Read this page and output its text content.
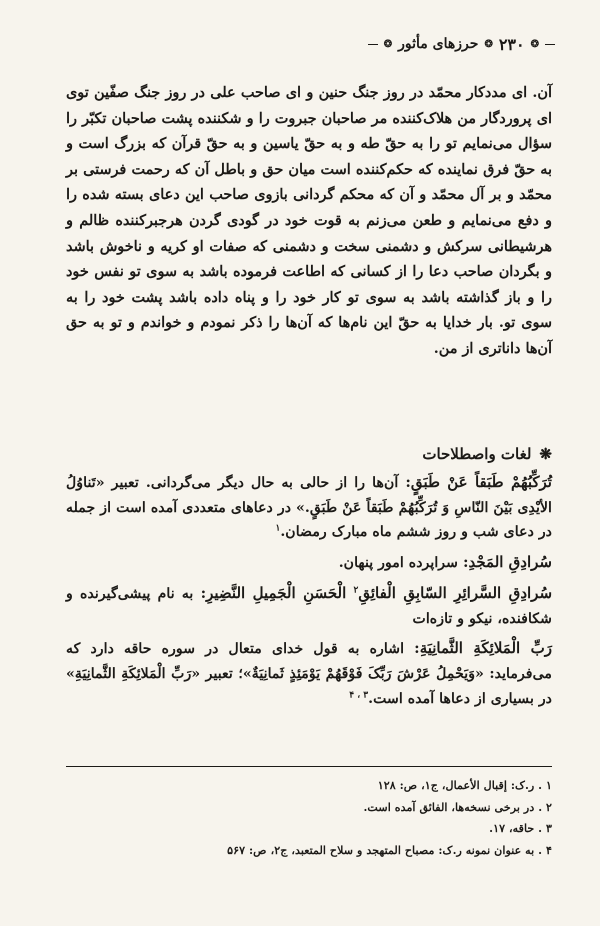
❂
۲۳۰
❂
حرزهای مأثور
❂

آن. ای مددکار محمّد در روز جنگ حنین و ای صاحب علی در روز جنگ صفّین توی ای پروردگار من هلاک‌کننده مر صاحبان جبروت را و شکننده پشت صاحبان تکبّر را سؤال می‌نمایم تو را به حقّ طه و به حقّ یاسین و به حقّ قرآن که بزرگ است و به حقّ فرق نماینده که حکم‌کننده است میان حق و باطل آن که رحمت فرستی بر محمّد و بر آل محمّد و آن که محکم گردانی بازوی صاحب این دعای بسته شده را و دفع می‌نمایم و طعن می‌زنم به قوت خود در گودی گردن هرجبرکننده ظالم و هرشیطانی سرکش و دشمنی سخت و دشمنی که صفات او کریه و ناخوش باشد و بگردان صاحب دعا را از کسانی که اطاعت فرموده باشد به سوی تو نفس خود را و باز گذاشته باشد به سوی تو کار خود را و پناه داده باشد پشت خود را به سوی تو. بار خدایا به حقّ این نام‌ها که آن‌ها را ذکر نمودم و خواندم و تو به حق آن‌ها داناتری از من.

❋
لغات واصطلاحات

تُرَکِّبُهُمْ طَبَقاً عَنْ طَبَقٍ: آن‌ها را از حالی به حال دیگر می‌گردانی. تعبیر «تَناوُلُ الأیْدِی بَیْنَ النّاسِ وَ تُرَکِّبُهُمْ طَبَقاً عَنْ طَبَقٍ.» در دعاهای متعددی آمده است از جمله در دعای شب و روز ششم ماه مبارک رمضان.$^۱$

سُرادِقِ المَجْدِ: سراپرده امور پنهان.

سُرادِقِ السَّرائِرِ السّابِقِ الْفائِقِ$^۲$ الْحَسَنِ الْجَمِیلِ النَّضِیرِ: به نام پیشی‌گیرنده و شکافنده، نیکو و تازه‌ات

رَبِّ الْمَلائِکَةِ الثَّمانِیَةِ: اشاره به قول خدای متعال در سوره حاقه دارد که می‌فرماید: «وَیَحْمِلُ عَرْشَ رَبِّکَ فَوْقَهُمْ یَوْمَئِذٍ ثَمانِیَةٌ»؛ تعبیر «رَبِّ الْمَلائِکَةِ الثَّمانِیَةِ» در بسیاری از دعاها آمده است.$^{۳ ، ۴}$

۱ . ر.ک: إقبال الأعمال، ج۱، ص: ۱۲۸

۲ . در برخی نسخه‌ها، الفائق آمده است.

۳ . حاقه، ۱۷.

۴ . به عنوان نمونه ر.ک: مصباح المتهجد و سلاح المتعبد، ج۲، ص: ۵۶۷
